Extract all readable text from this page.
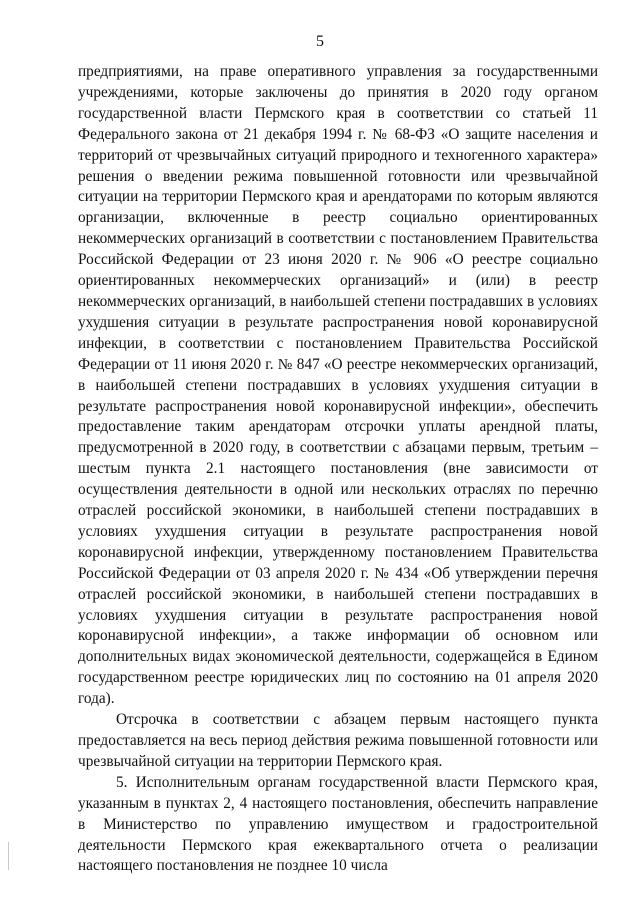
5

предприятиями, на праве оперативного управления за государственными учреждениями, которые заключены до принятия в 2020 году органом государственной власти Пермского края в соответствии со статьей 11 Федерального закона от 21 декабря 1994 г. № 68-ФЗ «О защите населения и территорий от чрезвычайных ситуаций природного и техногенного характера» решения о введении режима повышенной готовности или чрезвычайной ситуации на территории Пермского края и арендаторами по которым являются организации, включенные в реестр социально ориентированных некоммерческих организаций в соответствии с постановлением Правительства Российской Федерации от 23 июня 2020 г. № 906 «О реестре социально ориентированных некоммерческих организаций» и (или) в реестр некоммерческих организаций, в наибольшей степени пострадавших в условиях ухудшения ситуации в результате распространения новой коронавирусной инфекции, в соответствии с постановлением Правительства Российской Федерации от 11 июня 2020 г. № 847 «О реестре некоммерческих организаций, в наибольшей степени пострадавших в условиях ухудшения ситуации в результате распространения новой коронавирусной инфекции», обеспечить предоставление таким арендаторам отсрочки уплаты арендной платы, предусмотренной в 2020 году, в соответствии с абзацами первым, третьим – шестым пункта 2.1 настоящего постановления (вне зависимости от осуществления деятельности в одной или нескольких отраслях по перечню отраслей российской экономики, в наибольшей степени пострадавших в условиях ухудшения ситуации в результате распространения новой коронавирусной инфекции, утвержденному постановлением Правительства Российской Федерации от 03 апреля 2020 г. № 434 «Об утверждении перечня отраслей российской экономики, в наибольшей степени пострадавших в условиях ухудшения ситуации в результате распространения новой коронавирусной инфекции», а также информации об основном или дополнительных видах экономической деятельности, содержащейся в Едином государственном реестре юридических лиц по состоянию на 01 апреля 2020 года).

Отсрочка в соответствии с абзацем первым настоящего пункта предоставляется на весь период действия режима повышенной готовности или чрезвычайной ситуации на территории Пермского края.

5. Исполнительным органам государственной власти Пермского края, указанным в пунктах 2, 4 настоящего постановления, обеспечить направление в Министерство по управлению имуществом и градостроительной деятельности Пермского края ежеквартального отчета о реализации настоящего постановления не позднее 10 числа
